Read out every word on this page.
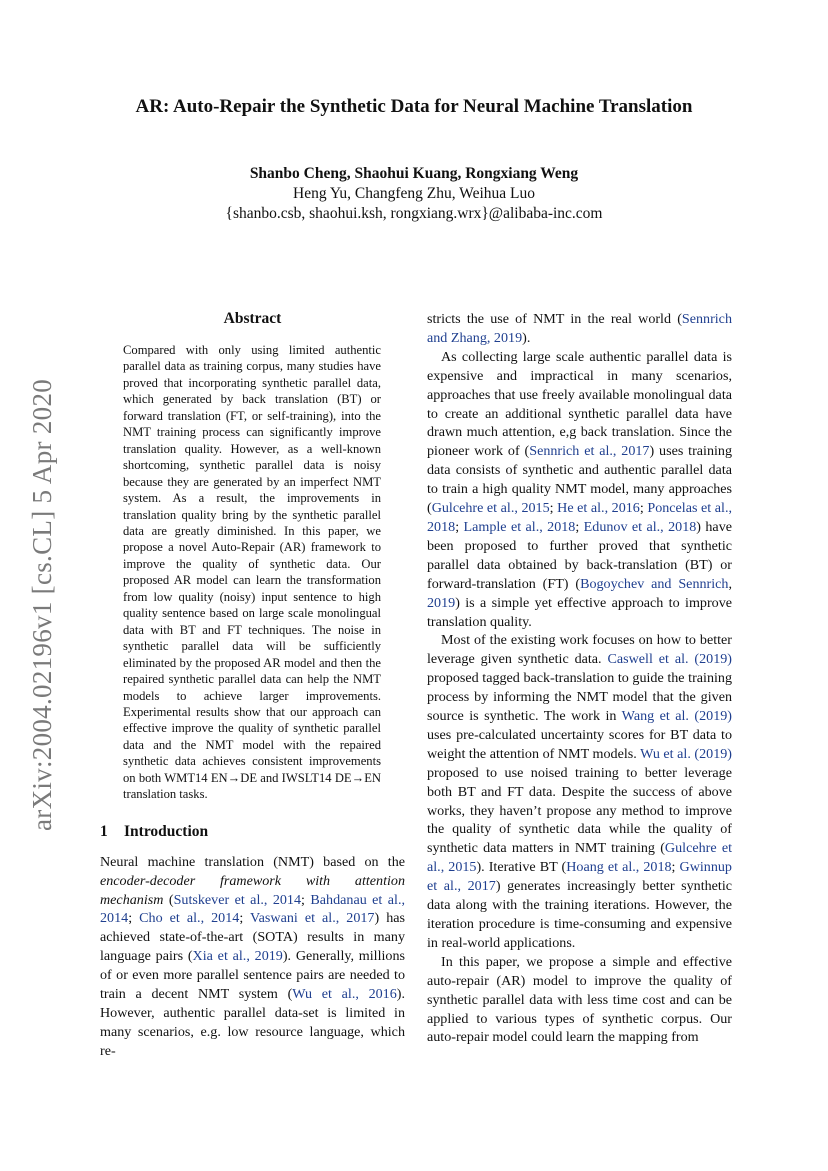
arXiv:2004.02196v1 [cs.CL] 5 Apr 2020
AR: Auto-Repair the Synthetic Data for Neural Machine Translation
Shanbo Cheng, Shaohui Kuang, Rongxiang Weng
Heng Yu, Changfeng Zhu, Weihua Luo
{shanbo.csb, shaohui.ksh, rongxiang.wrx}@alibaba-inc.com
Abstract
Compared with only using limited authentic parallel data as training corpus, many studies have proved that incorporating synthetic parallel data, which generated by back translation (BT) or forward translation (FT, or self-training), into the NMT training process can significantly improve translation quality. However, as a well-known shortcoming, synthetic parallel data is noisy because they are generated by an imperfect NMT system. As a result, the improvements in translation quality bring by the synthetic parallel data are greatly diminished. In this paper, we propose a novel Auto-Repair (AR) framework to improve the quality of synthetic data. Our proposed AR model can learn the transformation from low quality (noisy) input sentence to high quality sentence based on large scale monolingual data with BT and FT techniques. The noise in synthetic parallel data will be sufficiently eliminated by the proposed AR model and then the repaired synthetic parallel data can help the NMT models to achieve larger improvements. Experimental results show that our approach can effective improve the quality of synthetic parallel data and the NMT model with the repaired synthetic data achieves consistent improvements on both WMT14 EN→DE and IWSLT14 DE→EN translation tasks.
1 Introduction

Neural machine translation (NMT) based on the encoder-decoder framework with attention mechanism (Sutskever et al., 2014; Bahdanau et al., 2014; Cho et al., 2014; Vaswani et al., 2017) has achieved state-of-the-art (SOTA) results in many language pairs (Xia et al., 2019). Generally, millions of or even more parallel sentence pairs are needed to train a decent NMT system (Wu et al., 2016). However, authentic parallel data-set is limited in many scenarios, e.g. low resource language, which re-

stricts the use of NMT in the real world (Sennrich and Zhang, 2019).

As collecting large scale authentic parallel data is expensive and impractical in many scenarios, approaches that use freely available monolingual data to create an additional synthetic parallel data have drawn much attention, e,g back translation. Since the pioneer work of (Sennrich et al., 2017) uses training data consists of synthetic and authentic parallel data to train a high quality NMT model, many approaches (Gulcehre et al., 2015; He et al., 2016; Poncelas et al., 2018; Lample et al., 2018; Edunov et al., 2018) have been proposed to further proved that synthetic parallel data obtained by back-translation (BT) or forward-translation (FT) (Bogoychev and Sennrich, 2019) is a simple yet effective approach to improve translation quality.

Most of the existing work focuses on how to better leverage given synthetic data. Caswell et al. (2019) proposed tagged back-translation to guide the training process by informing the NMT model that the given source is synthetic. The work in Wang et al. (2019) uses pre-calculated uncertainty scores for BT data to weight the attention of NMT models. Wu et al. (2019) proposed to use noised training to better leverage both BT and FT data. Despite the success of above works, they haven’t propose any method to improve the quality of synthetic data while the quality of synthetic data matters in NMT training (Gulcehre et al., 2015). Iterative BT (Hoang et al., 2018; Gwinnup et al., 2017) generates increasingly better synthetic data along with the training iterations. However, the iteration procedure is time-consuming and expensive in real-world applications.

In this paper, we propose a simple and effective auto-repair (AR) model to improve the quality of synthetic parallel data with less time cost and can be applied to various types of synthetic corpus. Our auto-repair model could learn the mapping from
